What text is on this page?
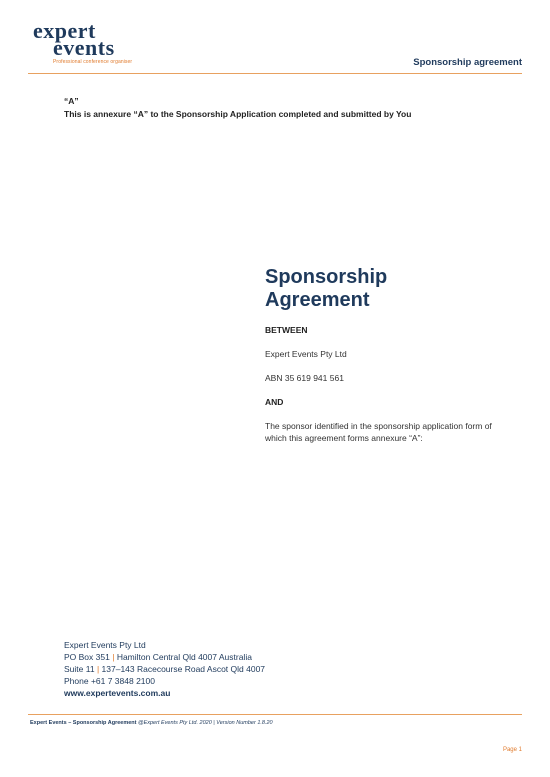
expert
events
Professional conference organiser	Sponsorship agreement
“A”
This is annexure “A” to the Sponsorship Application completed and submitted by You
Sponsorship
Agreement

BETWEEN

Expert Events Pty Ltd

ABN 35 619 941 561

AND

The sponsor identified in the sponsorship application form of which this agreement forms annexure “A”:

Expert Events Pty Ltd
PO Box 351 | Hamilton Central Qld 4007 Australia
Suite 11 | 137–143 Racecourse Road Ascot Qld 4007
Phone +61 7 3848 2100
www.expertevents.com.au
Expert Events – Sponsorship Agreement @Expert Events Pty Ltd. 2020 | Version Number 1.8.20
Page 1
